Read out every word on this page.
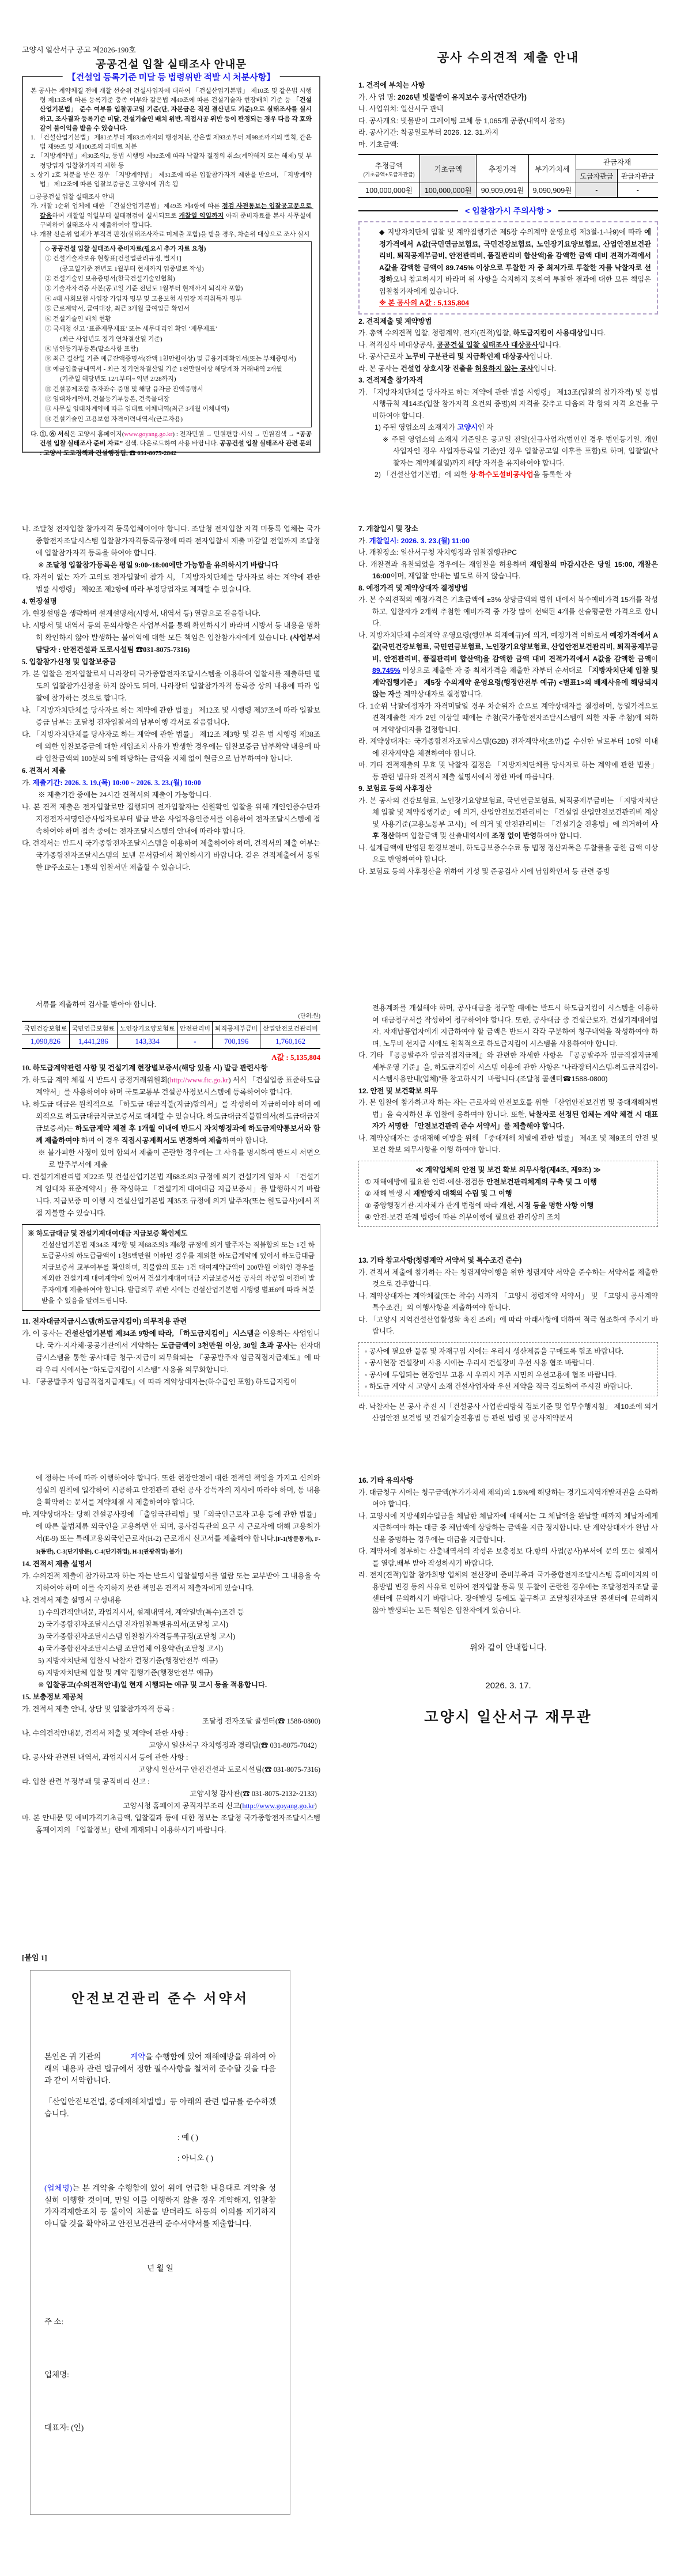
고양시 일산서구 공고 제2026-190호
공공건설 입찰 실태조사 안내문
【건설업 등록기준 미달 등 법령위반 적발 시 처분사항】
본 공사는 계약체결 전에 개찰 선순위 건설사업자에 대하여 「건설산업기본법」 제10조 및 같은법 시행령 제13조에 따른 등록기준 충족 여부와 같은법 제40조에 따른 건설기술자 현장배치 기준 등 「건설산업기본법」 준수 여부를 입찰공고일 기준(단, 자본금은 직전 결산년도 기준)으로 실태조사를 실시하고, 조사결과 등록기준 미달, 건설기술인 배치 위반, 직접시공 위반 등이 판정되는 경우 다음 각 호와 같이 불이익을 받을 수 있습니다.
1. 「건설산업기본법」 제81조부터 제83조까지의 행정처분, 같은법 제93조부터 제98조까지의 벌칙, 같은법 제99조 및 제100조의 과태료 처분
2. 「지방계약법」제30조의2, 동법 시행령 제92조에 따라 낙찰자 결정의 취소(계약해지 또는 해제) 및 부정당업자 입찰참가자격 제한 등
3. 상기 2호 처분을 받은 경우 「지방계약법」 제31조에 따른 입찰참가자격 제한을 받으며, 「지방계약법」 제12조에 따른 입찰보증금은 고양시에 귀속 됨
□ 공공건설 입찰 실태조사 안내
가. 개찰 1순위 업체에 대한 「건설산업기본법」제49조 제4항에 따른 점검 사전통보는 입찰공고문으로 갈음하여 개찰일 익일부터 실태점검이 실시되므로 개찰일 익일까지 아래 준비자료를 본사 사무실에 구비하여 실태조사 시 제출하여야 합니다.
나. 개찰 선순위 업체가 부적격 판정(실태조사자료 미제출 포함)을 받을 경우, 차순위 대상으로 조사 실시
◇ 공공건설 입찰 실태조사 준비자료(필요시 추가 자료 요청)
① 건설기술자보유 현황표[건설업관리규정, 별지1]
(공고일기준 전년도 1월부터 현재까지 업종별로 작성)
② 건설기술인 보유증명서(한국건설기술인협회)
③ 기술자자격증 사본(공고일 기준 전년도 1월부터 현재까지 퇴직자 포함)
④ 4대 사회보험 사업장 가입자 명부 및 고용보험 사업장 자격취득자 명부
⑤ 근로계약서, 급여대장, 최근 3개월 급여입금 확인서
⑥ 건설기술인 배치 현황
⑦ 국세청 신고 ‘표준재무제표’ 또는 세무대리인 확인 ‘재무제표’
(최근 사업년도 정기 연차결산일 기준)
⑧ 법인등기부등본(말소사항 포함)
⑨ 최근 결산일 기준 예금잔액증명서(잔액 1천만원이상) 및 금융거래확인서(또는 부채증명서)
⑩ 예금입출금내역서 - 최근 정기연차결산일 기준 1천만원이상 해당계좌 거래내역 2개월
(기준일 해당년도 12/1부터~ 익년 2/28까지)
⑪ 건설공제조합 출자좌수 증명 및 해당 융자금 잔액증명서
⑫ 임대차계약서, 건물등기부등본, 건축물대장
⑬ 사무실 임대차계약에 따른 임대료 이체내역(최근 3개월 이체내역)
⑭ 건설기술인 고용보험 자격이력내역서(근로자용)
다. ①, ⑥ 서식은 고양시 홈페이지(www.goyang.go.kr) : 전자민원 → 민원편람·서식 → 민원검색 → “공공건설 입찰 실태조사 준비 자료” 검색. 다운로드하여 사용 바랍니다. 공공건설 입찰 실태조사 관련 문의 : 고양시 도로정책과 건설행정팀, ☎ 031-8075-2842
나. 조달청 전자입찰 참가자격 등록업체이어야 합니다. 조달청 전자입찰 자격 미등록 업체는 국가종합전자조달시스템 입찰참가자격등록규정에 따라 전자입찰서 제출 마감일 전일까지 조달청에 입찰참가자격 등록을 하여야 합니다.
※ 조달청 입찰참가등록은 평일 9:00~18:00에만 가능함을 유의하시기 바랍니다
다. 자격이 없는 자가 고의로 전자입찰에 참가 시, 「지방자치단체를 당사자로 하는 계약에 관한 법률 시행령」 제92조 제2항에 따라 부정당업자로 제재할 수 있습니다.
4. 현장설명
가. 현장설명을 생략하며 설계설명서(시방서, 내역서 등) 열람으로 갈음합니다.
나. 시방서 및 내역서 등의 문의사항은 사업부서를 통해 확인하시기 바라며 시방서 등 내용을 명확히 확인하지 않아 발생하는 불이익에 대한 모든 책임은 입찰참가자에게 있습니다. (사업부서 담당자 : 안전건설과 도로시설팀 ☎031-8075-7316)
5. 입찰참가신청 및 입찰보증금
가. 본 입찰은 전자입찰로서 나라장터 국가종합전자조달시스템을 이용하여 입찰서를 제출하면 별도의 입찰참가신청을 하지 않아도 되며, 나라장터 입찰참가자격 등록증 상의 내용에 따라 입찰에 참가하는 것으로 합니다.
나. 「지방자치단체를 당사자로 하는 계약에 관한 법률」 제12조 및 시행령 제37조에 따라 입찰보증금 납부는 조달청 전자입찰서의 납부이행 각서로 갈음합니다.
다. 「지방자치단체를 당사자로 하는 계약에 관한 법률」 제12조 제3항 및 같은 법 시행령 제38조에 의한 입찰보증금에 대한 세입조치 사유가 발생한 경우에는 입찰보증금 납부확약 내용에 따라 입찰금액의 100분의 5에 해당하는 금액을 지체 없이 현금으로 납부하여야 합니다.
6. 견적서 제출
가. 제출기간: 2026. 3. 19.(목) 10:00 ~ 2026. 3. 23.(월) 10:00
※ 제출기간 중에는 24시간 견적서의 제출이 가능합니다.
나. 본 견적 제출은 전자입찰로만 집행되며 전자입찰자는 신원확인 입찰을 위해 개인인증수단과 지정전자서명인증사업자로부터 발급 받은 사업자용인증서를 이용하여 전자조달시스템에 접속하여야 하며 접속 중에는 전자조달시스템의 안내에 따라야 합니다.
다. 견적서는 반드시 국가종합전자조달시스템을 이용하여 제출하여야 하며, 견적서의 제출 여부는 국가종합전자조달시스템의 보낸 문서함에서 확인하시기 바랍니다. 같은 견적제출에서 동일한 IP주소로는 1통의 입찰서만 제출할 수 있습니다.
서류를 제출하여 검사를 받아야 합니다.
(단위:원)
국민건강보험료	국민연금보험료	노인장기요양보험료	안전관리비	퇴직공제부금비	산업안전보건관리비
1,090,826	1,441,286	143,334	-	700,196	1,760,162
A값 : 5,135,804
10. 하도급계약관련 사항 및 건설기계 현장별보증서(해당 있을 시) 발급 관련사항
가. 하도급 계약 체결 시 반드시 공정거래위원회(http://www.ftc.go.kr) 서식 「건설업종 표준하도급계약서」를 사용하여야 하며 국토교통부 건설공사정보시스템에 등록하여야 합니다.
나. 하도급 대금은 원칙적으로 「하도급 대금직불(지급)합의서」를 작성하여 지급하여야 하며 예외적으로 하도급대금지급보증서로 대체할 수 있습니다. 하도급대금직불합의서(하도급대금지급보증서)는 하도급계약 체결 후 1개월 이내에 반드시 자치행정과에 하도급계약통보서와 함께 제출하여야 하며 이 경우 직접시공계획서도 변경하여 제출하여야 합니다.
※ 불가피한 사정이 있어 합의서 제출이 곤란한 경우에는 그 사유를 명시하여 반드시 서면으로 발주부서에 제출
다. 건설기계관리법 제22조 및 건설산업기본법 제68조의3 규정에 의거 건설기계 임차 시 「건설기계 임대차 표준계약서」를 작성하고 「건설기계 대여대금 지급보증서」를 발행하시기 바랍니다. 지급보증 미 이행 시 건설산업기본법 제35조 규정에 의거 발주자(또는 원도급사)에서 직접 지불할 수 있습니다.
※ 하도급대금 및 건설기계대여대금 지급보증 확인제도
건설산업기본법 제34조 제7항 및 제68조의3 제6항 규정에 의거 발주자는 직불합의 또는 1건 하도급공사의 하도급금액이 1천5백만원 이하인 경우를 제외한 하도급계약에 있어서 하도급대금 지급보증서 교부여부를 확인하며, 직불합의 또는 1건 대여계약금액이 200만원 이하인 경우를 제외한 건설기계 대여계약에 있어서 건설기계대여대금 지급보증서를 공사의 착공일 이전에 발주자에게 제출하여야 합니다. 발급의무 위반 시에는 건설산업기본법 시행령 별표6에 따라 처분 받을 수 있음을 알려드립니다.
11. 전자대금지급시스템(하도급지킴이) 의무적용 관련
가. 이 공사는 건설산업기본법 제34조 9항에 따라, 「하도급지킴이」시스템을 이용하는 사업입니다. 국가·지자체·공공기관에서 계약하는 도급금액이 3천만원 이상, 30일 초과 공사는 전자대금시스템을 통한 공사대금 청구·지급이 의무화되는 『공공발주자 임금직접지급제도』에 따라 우리 시에서는 “하도급지킴이 시스템” 사용을 의무화합니다.
나. 『공공발주자 임금직접지급제도』에 따라 계약상대자는(하수급인 포함) 하도급지킴이
에 정하는 바에 따라 이행하여야 합니다. 또한 현장안전에 대한 전적인 책임을 가지고 신의와 성실의 원칙에 입각하여 시공하고 안전관리 관련 공사 감독자의 지시에 따라야 하며, 동 내용을 확약하는 문서를 계약체결 시 제출하여야 합니다.
마. 계약상대자는 당해 건설공사장에 「출입국관리법」및「외국인근로자 고용 등에 관한 법률」에 따른 불법체류 외국인을 고용하면 안 되며, 공사감독관의 요구 시 근로자에 대해 고용허가서(E-9) 또는 특례고용외국인근로자(H-2) 근로개시 신고서를 제출해야 합니다.[F-1(방문동거), F-3(동반), C-3(단기방문), C-4(단기취업), H-1(관광취업) 불가]
14. 견적서 제출 설명서
가. 수의견적 제출에 참가하고자 하는 자는 반드시 입찰설명서를 열람 또는 교부받아 그 내용을 숙지하여야 하며 이를 숙지하지 못한 책임은 견적서 제출자에게 있습니다.
나. 견적서 제출 설명서 구성내용
1) 수의견적안내문, 과업지시서, 설계내역서, 계약일반(특수)조건 등
2) 국가종합전자조달시스템 전자입찰특별유의서(조달청 고시)
3) 국가종합전자조달시스템 입찰참가자격등록규정(조달청 고시)
4) 국가종합전자조달시스템 조달업체 이용약관(조달청 고시)
5) 지방자치단체 입찰시 낙찰자 결정기준(행정안전부 예규)
6) 지방자치단체 입찰 및 계약 집행기준(행정안전부 예규)
※ 입찰공고(수의견적안내)일 현재 시행되는 예규 및 고시 등을 적용합니다.
15. 보충정보 제공처
가. 견적서 제출 안내, 상담 및 입찰참가자격 등록 :
조달청 전자조달 콜센터(☎ 1588-0800)
나. 수의견적안내문, 견적서 제출 및 계약에 관한 사항 :
고양시 일산서구 자치행정과 경리팀(☎ 031-8075-7042)
다. 공사와 관련된 내역서, 과업지시서 등에 관한 사항 :
고양시 일산서구 안전건설과 도로시설팀(☎ 031-8075-7316)
라. 입찰 관련 부정부패 및 공직비리 신고 :
고양시청 감사관(☎ 031-8075-2132~2133)
고양시청 홈페이지 공직자부조리 신고(http://www.goyang.go.kr)
마. 본 안내문 및 예비가격기초금액, 입찰결과 등에 대한 정보는 조달청 국가종합전자조달시스템 홈페이지의 「입찰정보」란에 게재되니 이용하시기 바랍니다.
[붙임 1]
안전보건관리 준수 서약서
본인은 귀 기관의              계약을 수행함에 있어 재해예방을 위하여 아래의 내용과 관련 법규에서 정한 필수사항을 철저히 준수할 것을 다음과 같이 서약합니다.
「산업안전보건법, 중대재해처벌법」등 아래의 관련 법규를 준수하겠습니다.
: 예 ( )
: 아니오 ( )
(업체명)는 본 계약을 수행함에 있어 위에 언급한 내용대로 계약을 성실히 이행할 것이며, 만일 이를 이행하지 않을 경우 계약해지, 입찰참가자격제한조치 등 불이익 처분을 받더라도 하등의 이의를 제기하지 아니할 것을 확약하고 안전보건관리 준수서약서를 제출합니다.
년 월 일
주 소:
업체명:
대표자: (인)
공사 수의견적 제출 안내
1. 견적에 부치는 사항
가. 사 업 명: 2026년 빗물받이 유지보수 공사(연간단가)
나. 사업위치: 일산서구 관내
다. 공사개요: 빗물받이 그레이팅 교체 등 1,065개 공종(내역서 참조)
라. 공사기간: 착공일로부터 2026. 12. 31.까지
마. 기초금액:
추정금액
(기초금액+도급자관급)	기초금액	추정가격	부가가치세	관급자재	
				도급자관급	관급자관급
100,000,000원	100,000,000원	90,909,091원	9,090,909원	-	-
< 입찰참가시 주의사항 >
◆ 지방자치단체 입찰 및 계약집행기준 제5장 수의계약 운영요령 제3절-1-나9)에 따라 예정가격에서 A값(국민연금보험료, 국민건강보험료, 노인장기요양보험료, 산업안전보건관리비, 퇴직공제부금비, 안전관리비, 품질관리비 합산액)을 감액한 금액 대비 견적가격에서 A값을 감액한 금액이 89.745% 이상으로 투찰한 자 중 최저가로 투찰한 자를 낙찰자로 선정하오니 참고하시기 바라며 위 사항을 숙지하지 못하여 투찰한 결과에 대한 모든 책임은 입찰참가자에게 있습니다.
※ 본 공사의 A값 : 5,135,804
2. 견적제출 및 계약방법
가. 총액 수의견적 입찰, 청렴계약, 전자(견적)입찰, 하도급지킴이 사용대상입니다.
나. 적격심사 비대상공사, 공공건설 입찰 실태조사 대상공사입니다.
다. 공사근로자 노무비 구분관리 및 지급확인제 대상공사입니다.
라. 본 공사는 건설업 상호시장 진출을 허용하지 않는 공사입니다.
3. 견적제출 참가자격
가. 「지방자치단체를 당사자로 하는 계약에 관한 법률 시행령」 제13조(입찰의 참가자격) 및 동법 시행규칙 제14조(입찰 참가자격 요건의 증명)의 자격을 갖추고 다음의 각 항의 자격 요건을 구비하여야 합니다.
1) 주된 영업소의 소재지가 고양시인 자
※ 주된 영업소의 소재지 기준일은 공고일 전일(신규사업자(법인인 경우 법인등기일, 개인사업자인 경우 사업자등록일 기준)인 경우 입찰공고일 이후를 포함)로 하며, 입찰일(낙찰자는 계약체결일)까지 해당 자격을 유지하여야 합니다.
2) 「건설산업기본법」에 의한 상·하수도설비공사업을 등록한 자
7. 개찰일시 및 장소
가. 개찰일시: 2026. 3. 23.(월) 11:00
나. 개찰장소: 일산서구청 자치행정과 입찰집행관PC
다. 개찰결과 유찰되었을 경우에는 재입찰을 허용하며 재입찰의 마감시간은 당일 15:00, 개찰은 16:00이며, 재입찰 안내는 별도로 하지 않습니다.
8. 예정가격 및 계약상대자 결정방법
가. 본 수의견적의 예정가격은 기초금액에 ±3% 상당금액의 범위 내에서 복수예비가격 15개를 작성하고, 입찰자가 2개씩 추첨한 예비가격 중 가장 많이 선택된 4개를 산술평균한 가격으로 합니다.
나. 지방자치단체 수의계약 운영요령(행안부 회계예규)에 의거, 예정가격 이하로서 예정가격에서 A값(국민건강보험료, 국민연금보험료, 노인장기요양보험료, 산업안전보건관리비, 퇴직공제부금비, 안전관리비, 품질관리비 합산액)을 감액한 금액 대비 견적가격에서 A값을 감액한 금액이 89.745% 이상으로 제출한 자 중 최저가격을 제출한 자부터 순서대로 「지방자치단체 입찰 및 계약집행기준」 제5장 수의계약 운영요령(행정안전부 예규) <별표1>의 배제사유에 해당되지 않는 자를 계약상대자로 결정합니다.
다. 1순위 낙찰예정자가 자격미달일 경우 차순위자 순으로 계약상대자를 결정하며, 동일가격으로 견적제출한 자가 2인 이상일 때에는 추첨(국가종합전자조달시스템에 의한 자동 추첨)에 의하여 계약상대자를 결정합니다.
라. 계약상대자는 국가종합전자조달시스템(G2B) 전자계약서(초안)를 수신한 날로부터 10일 이내에 전자계약을 체결하여야 합니다.
마. 기타 견적제출의 무효 및 낙찰자 결정은 「지방자치단체를 당사자로 하는 계약에 관한 법률」 등 관련 법규와 견적서 제출 설명서에서 정한 바에 따릅니다.
9. 보험료 등의 사후정산
가. 본 공사의 건강보험료, 노인장기요양보험료, 국민연금보험료, 퇴직공제부금비는 「지방자치단체 입찰 및 계약집행기준」에 의거, 산업안전보건관리비는 「건설업 산업안전보건관리비 계상 및 사용기준(고용노동부 고시)」에 의거 및 안전관리비는 「건설기술 진흥법」에 의거하여 사후 정산하며 입찰금액 및 산출내역서에 조정 없이 반영하여야 합니다.
나. 설계금액에 반영된 환경보전비, 하도급보증수수료 등 법정 정산과목은 투찰률을 곱한 금액 이상으로 반영하여야 합니다.
다. 보험료 등의 사후정산을 위하여 기성 및 준공검사 시에 납입확인서 등 관련 증빙
전용계좌를 개설해야 하며, 공사대금을 청구할 때에는 반드시 하도급지킴이 시스템을 이용하여 대금청구서를 작성하여 청구하여야 합니다. 또한, 공사대금 중 건설근로자, 건설기계대여업자, 자재납품업자에게 지급하여야 할 금액은 반드시 각각 구분하여 청구내역을 작성하여야 하며, 노무비 선지급 시에도 원칙적으로 하도급지킴이 시스템을 사용하여야 합니다.
다. 기타 『공공발주자 임금직접지급제』와 관련한 자세한 사항은 『공공발주자 임금직접지급제 세부운영 기준』을, 하도급지킴이 시스템 이용에 관한 사항은 “나라장터시스템-하도급지킴이-시스템사용안내(업체)”를 참고하시기  바랍니다.(조달청 콜센터☎1588-0800)
12. 안전 및 보건확보 의무
가. 본 입찰에 참가하고자 하는 자는 근로자의 안전보호를 위한 「산업안전보건법 및 중대재해처벌법」을 숙지하신 후 입찰에 응하여야 합니다. 또한, 낙찰자로 선정된 업체는 계약 체결 시 대표자가 서명한 「안전보건관리 준수 서약서」를 제출해야 합니다.
나. 계약상대자는 중대재해 예방을 위해 「중대재해 처벌에 관한 법률」 제4조 및 제9조의 안전 및 보건 확보 의무사항을 이행 하여야 합니다.
≪ 계약업체의 안전 및 보건 확보 의무사항(제4조, 제9조) ≫
① 재해예방에 필요한 인력·예산·점검등 안전보건관리체계의 구축 및 그 이행
② 재해 발생 시 재발방지 대책의 수립 및 그 이행
③ 중앙행정기관·지자체가 관계 법령에 따라 개선, 시정 등을 명한 사항 이행
④ 안전·보건 관계 법령에 따른 의무이행에 필요한 관리상의 조치
13. 기타 참고사항(청렴계약 서약서 및 특수조건 준수)
가. 견적서 제출에 참가하는 자는 청렴계약이행을 위한 청렴계약 서약을 준수하는 서약서를 제출한 것으로 간주합니다.
나. 계약상대자는 계약체결(또는 착수) 시까지 「고양시 청렴계약 서약서」 및 「고양시 공사계약 특수조건」의 이행사항을 제출하여야 합니다.
다. 「고양시 지역건설산업활성화 촉진 조례」에 따라 아래사항에 대하여 적극 협조하여 주시기 바랍니다.
◦ 공사에 필요한 물품 및 자재구입 시에는 우리시 생산제품을 구매토록 협조 바랍니다.
◦ 공사현장 건설장비 사용 시에는 우리시 건설장비 우선 사용 협조 바랍니다.
◦ 공사에 투입되는 현장인부 고용 시 우리시 거주 시민의 우선고용에 협조 바랍니다.
◦ 하도급 계약 시 고양시 소재 건설사업자와 우선 계약을 적극 검토하여 주시길 바랍니다.
라. 낙찰자는 본 공사 추진 시「건설공사 사업관리방식 검토기준 및 업무수행지침」 제10조에 의거 산업안전 보건법 및 건설기술진흥법 등 관련 법령 및 공사계약문서
16. 기타 유의사항
가. 대금청구 시에는 청구금액(부가가치세 제외)의 1.5%에 해당하는 경기도지역개발채권을 소화하여야 합니다.
나. 고양시에 지방세외수입금을 체납한 체납자에 대해서는 그 체납액을 완납할 때까지 체납자에게 지급하여야 하는 대금 중 체납액에 상당하는 금액을 지급 정지합니다. 단 계약상대자가 완납 사실을 증명하는 경우에는 대금을 지급합니다.
다. 계약서에 첨부하는 산출내역서의 작성은 보충정보 다.항의 사업(공사)부서에 문의 또는 설계서를 열람.배부 받아 작성하시기 바랍니다.
라. 전자(견적)입찰 참가희망 업체의 전산장비 준비부족과 국가종합전자조달시스템 홈페이지의 이용방법 변경 등의 사유로 인하여 전자입찰 등록 및 투찰이 곤란한 경우에는 조달청전자조달 콜센터에 문의하시기 바랍니다. 장애발생 등에도 불구하고 조달청전자조달 콜센터에 문의하지 않아 발생되는 모든 책임은 입찰자에게 있습니다.
위와 같이 안내합니다.
2026. 3. 17.
고양시 일산서구 재무관
